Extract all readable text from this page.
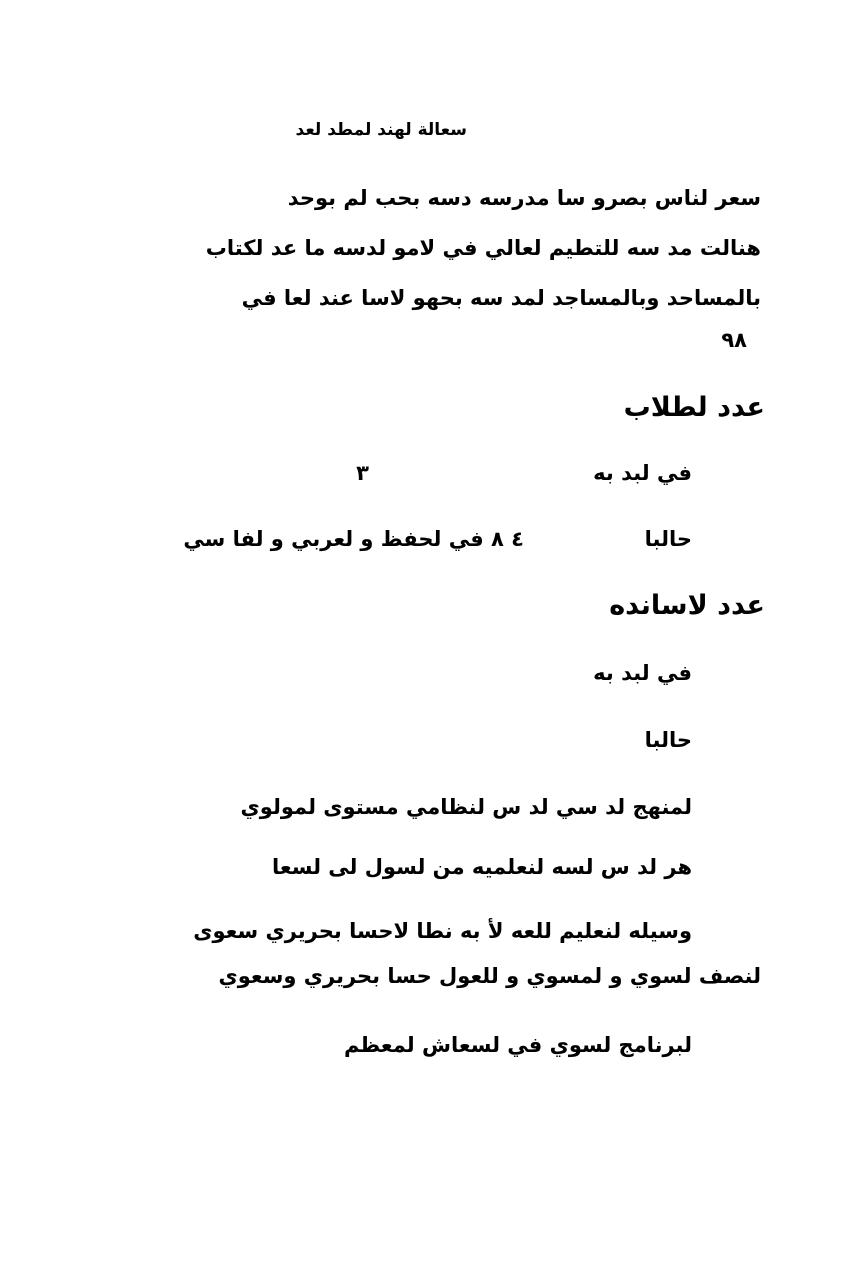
سعالة لهند لمطد لعد
سعر لناس بصرو سا مدرسه دسه بحب لم بوحد
هنالت مد سه للتطيم لعالي في لامو لدسه ما عد لكتاب
بالمساحد وبالمساجد لمد سه بحهو لاسا عند لعا في
٩٨
عدد لطلاب
في لبد به
٣
حالبا
٤ ٨ في لحفظ و لعربي و لفا سي
عدد لاسانده
في لبد به
حالبا
لمنهج لد سي لد س لنظامي مستوى لمولوي
هر لد س لسه لنعلميه من لسول لى لسعا
وسيله لنعليم للعه لأ به نطا لاحسا بحريري سعوى
لنصف لسوي و لمسوي و للعول حسا بحريري وسعوي
لبرنامج لسوي في لسعاش لمعظم
